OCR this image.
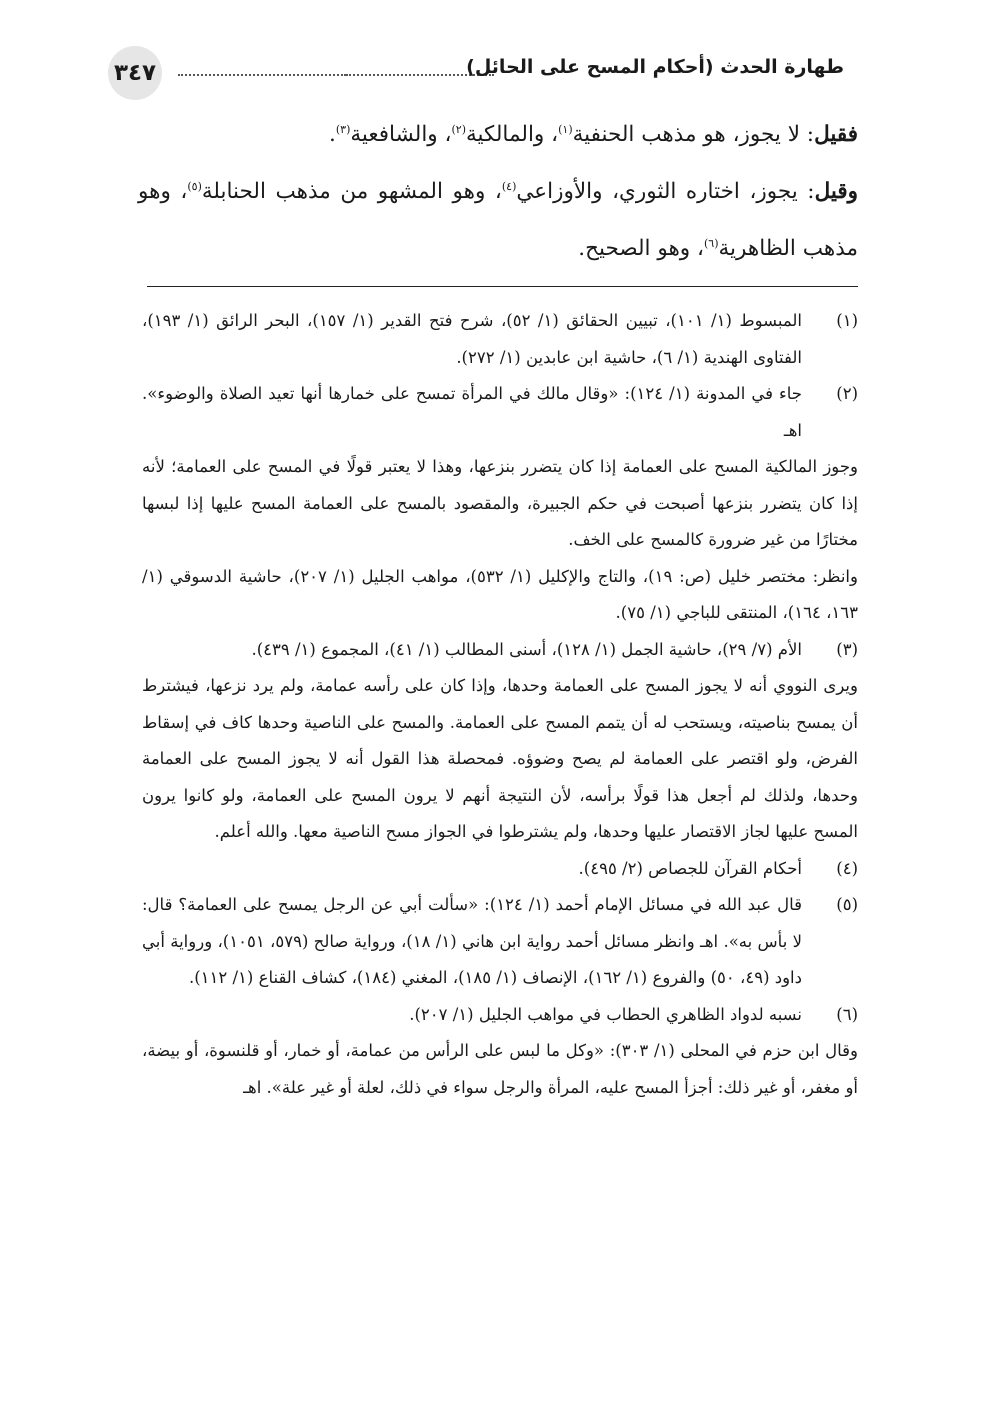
٣٤٧	طهارة الحدث (أحكام المسح على الحائل)

فقيل: لا يجوز، هو مذهب الحنفية$^{(١)}$، والمالكية$^{(٢)}$، والشافعية$^{(٣)}$.

وقيل: يجوز، اختاره الثوري، والأوزاعي$^{(٤)}$، وهو المشهو من مذهب الحنابلة$^{(٥)}$، وهو مذهب الظاهرية$^{(٦)}$، وهو الصحيح.

(١)

المبسوط (١/ ١٠١)، تبيين الحقائق (١/ ٥٢)، شرح فتح القدير (١/ ١٥٧)، البحر الرائق (١/ ١٩٣)، الفتاوى الهندية (١/ ٦)، حاشية ابن عابدين (١/ ٢٧٢).

(٢)

جاء في المدونة (١/ ١٢٤): «وقال مالك في المرأة تمسح على خمارها أنها تعيد الصلاة والوضوء». اهـ

وجوز المالكية المسح على العمامة إذا كان يتضرر بنزعها، وهذا لا يعتبر قولًا في المسح على العمامة؛ لأنه إذا كان يتضرر بنزعها أصبحت في حكم الجبيرة، والمقصود بالمسح على العمامة المسح عليها إذا لبسها مختارًا من غير ضرورة كالمسح على الخف.

وانظر: مختصر خليل (ص: ١٩)، والتاج والإكليل (١/ ٥٣٢)، مواهب الجليل (١/ ٢٠٧)، حاشية الدسوقي (١/ ١٦٣، ١٦٤)، المنتقى للباجي (١/ ٧٥).

(٣)

الأم (٧/ ٢٩)، حاشية الجمل (١/ ١٢٨)، أسنى المطالب (١/ ٤١)، المجموع (١/ ٤٣٩).

ويرى النووي أنه لا يجوز المسح على العمامة وحدها، وإذا كان على رأسه عمامة، ولم يرد نزعها، فيشترط أن يمسح بناصيته، ويستحب له أن يتمم المسح على العمامة. والمسح على الناصية وحدها كاف في إسقاط الفرض، ولو اقتصر على العمامة لم يصح وضوؤه. فمحصلة هذا القول أنه لا يجوز المسح على العمامة وحدها، ولذلك لم أجعل هذا قولًا برأسه، لأن النتيجة أنهم لا يرون المسح على العمامة، ولو كانوا يرون المسح عليها لجاز الاقتصار عليها وحدها، ولم يشترطوا في الجواز مسح الناصية معها. والله أعلم.

(٤)

أحكام القرآن للجصاص (٢/ ٤٩٥).

(٥)

قال عبد الله في مسائل الإمام أحمد (١/ ١٢٤): «سألت أبي عن الرجل يمسح على العمامة؟ قال: لا بأس به». اهـ وانظر مسائل أحمد رواية ابن هاني (١/ ١٨)، ورواية صالح (٥٧٩، ١٠٥١)، ورواية أبي داود (٤٩، ٥٠) والفروع (١/ ١٦٢)، الإنصاف (١/ ١٨٥)، المغني (١٨٤)، كشاف القناع (١/ ١١٢).

(٦)

نسبه لدواد الظاهري الحطاب في مواهب الجليل (١/ ٢٠٧).

وقال ابن حزم في المحلى (١/ ٣٠٣): «وكل ما لبس على الرأس من عمامة، أو خمار، أو قلنسوة، أو بيضة، أو مغفر، أو غير ذلك: أجزأ المسح عليه، المرأة والرجل سواء في ذلك، لعلة أو غير علة». اهـ
